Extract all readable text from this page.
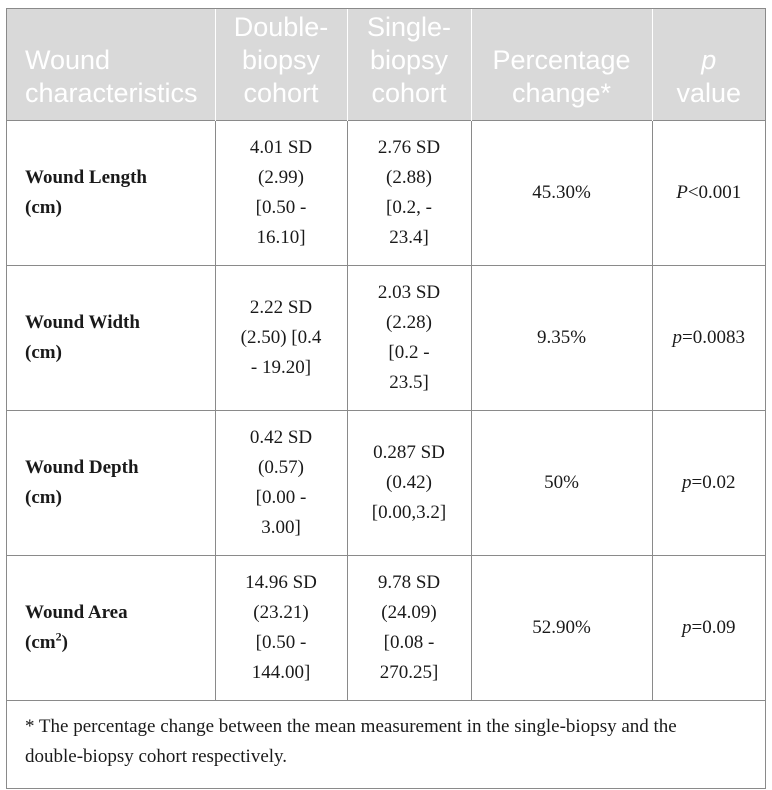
Wound
characteristics	Double-
biopsy
cohort	Single-
biopsy
cohort	Percentage
change*	p
value

Wound Length
(cm)	4.01 SD
(2.99)
[0.50 -
16.10]	2.76 SD
(2.88)
[0.2, -
23.4]	45.30%	P<0.001

Wound Width
(cm)	2.22 SD
(2.50) [0.4
- 19.20]	2.03 SD
(2.28)
[0.2 -
23.5]	9.35%	p=0.0083

Wound Depth
(cm)	0.42 SD
(0.57)
[0.00 -
3.00]	0.287 SD
(0.42)
[0.00,3.2]	50%	p=0.02

Wound Area
$(cm^2)$	14.96 SD
(23.21)
[0.50 -
144.00]	9.78 SD
(24.09)
[0.08 -
270.25]	52.90%	p=0.09
* The percentage change between the mean measurement in the single-biopsy and the
double-biopsy cohort respectively.
